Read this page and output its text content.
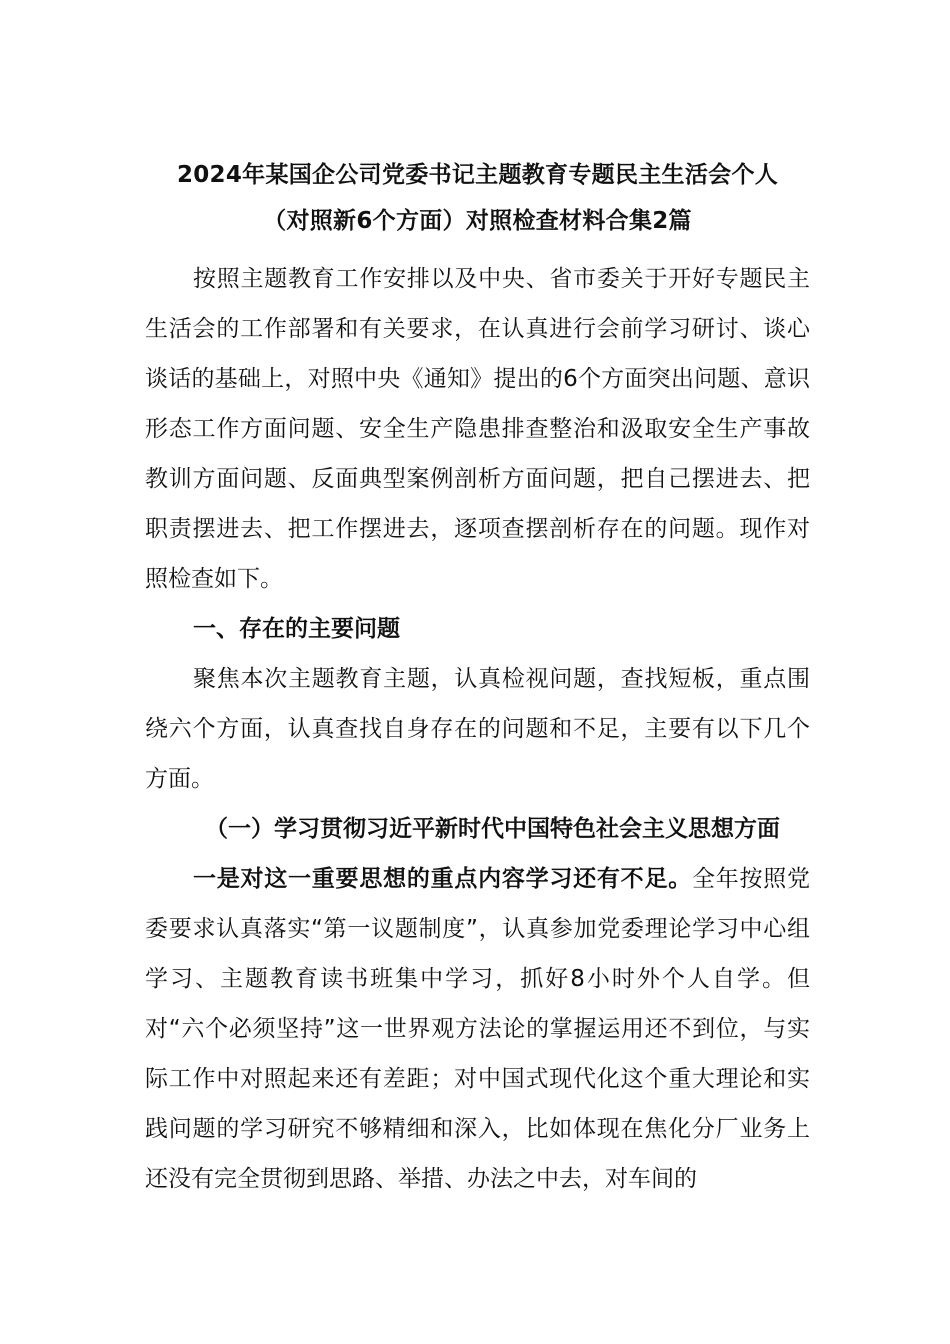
2024年某国企公司党委书记主题教育专题民主生活会个人
（对照新6个方面）对照检查材料合集2篇

按照主题教育工作安排以及中央、省市委关于开好专题民主生活会的工作部署和有关要求，在认真进行会前学习研讨、谈心谈话的基础上，对照中央《通知》提出的6个方面突出问题、意识形态工作方面问题、安全生产隐患排查整治和汲取安全生产事故教训方面问题、反面典型案例剖析方面问题，把自己摆进去、把职责摆进去、把工作摆进去，逐项查摆剖析存在的问题。现作对照检查如下。

一、存在的主要问题

聚焦本次主题教育主题，认真检视问题，查找短板，重点围绕六个方面，认真查找自身存在的问题和不足，主要有以下几个方面。

（一）学习贯彻习近平新时代中国特色社会主义思想方面

一是对这一重要思想的重点内容学习还有不足。全年按照党委要求认真落实“第一议题制度”，认真参加党委理论学习中心组学习、主题教育读书班集中学习，抓好8小时外个人自学。但对“六个必须坚持”这一世界观方法论的掌握运用还不到位，与实际工作中对照起来还有差距；对中国式现代化这个重大理论和实践问题的学习研究不够精细和深入，比如体现在焦化分厂业务上还没有完全贯彻到思路、举措、办法之中去，对车间的
